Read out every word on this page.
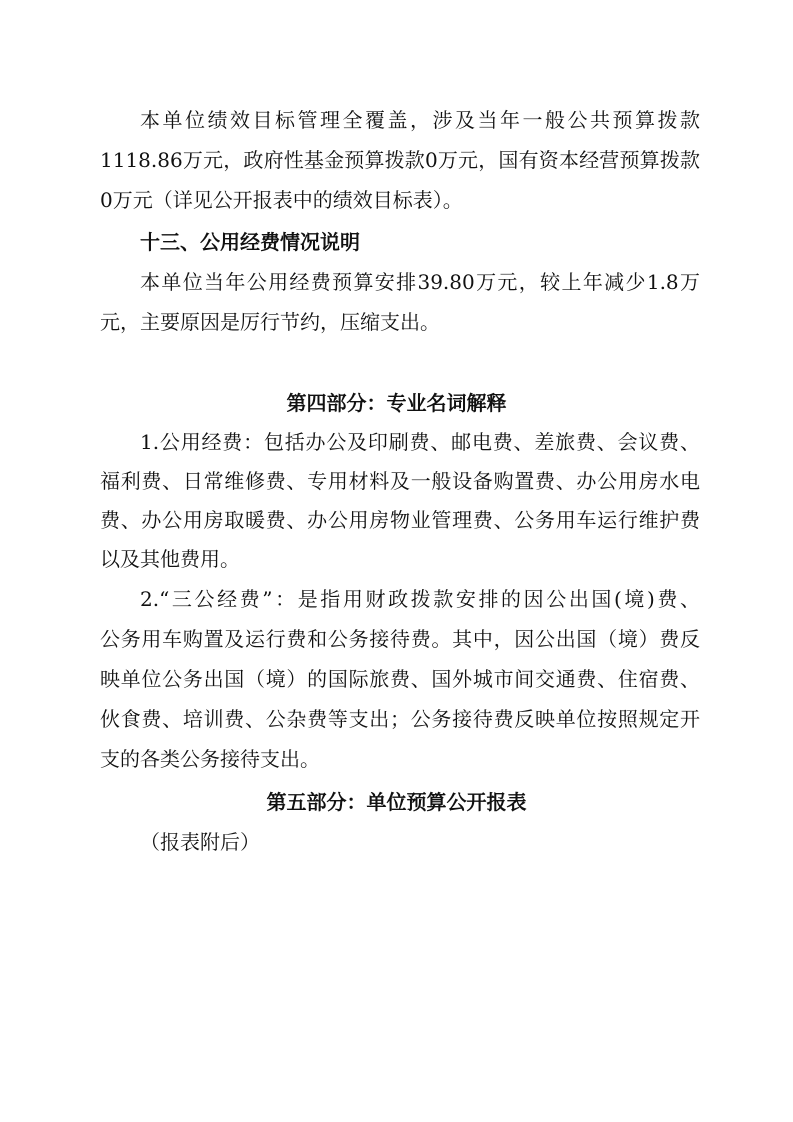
本单位绩效目标管理全覆盖，涉及当年一般公共预算拨款
1118.86万元，政府性基金预算拨款0万元，国有资本经营预算拨款
0万元（详见公开报表中的绩效目标表）。
十三、公用经费情况说明
本单位当年公用经费预算安排39.80万元，较上年减少1.8万
元，主要原因是厉行节约，压缩支出。
第四部分：专业名词解释
1.公用经费：包括办公及印刷费、邮电费、差旅费、会议费、
福利费、日常维修费、专用材料及一般设备购置费、办公用房水电
费、办公用房取暖费、办公用房物业管理费、公务用车运行维护费
以及其他费用。
2.“三公经费”：是指用财政拨款安排的因公出国(境)费、
公务用车购置及运行费和公务接待费。其中，因公出国（境）费反
映单位公务出国（境）的国际旅费、国外城市间交通费、住宿费、
伙食费、培训费、公杂费等支出；公务接待费反映单位按照规定开
支的各类公务接待支出。
第五部分：单位预算公开报表
（报表附后）
